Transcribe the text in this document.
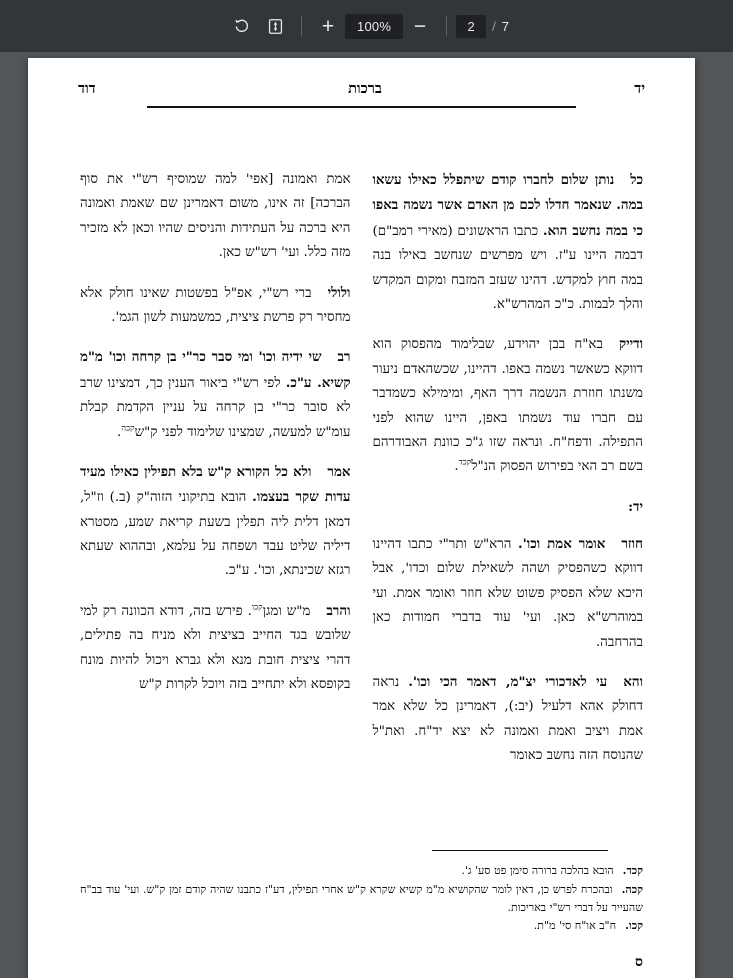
+	100%	−	2	/ 7
יד
ברכות
דוד

כלנותן שלום לחברו קודם שיתפלל כאילו עשאו במה. שנאמר חדלו לכם מן האדם אשר נשמה באפו כי במה נחשב הוא. כתבו הראשונים (מאירי רמב"ם) דבמה היינו ע"ז. ויש מפרשים שנחשב באילו בנה במה חוץ למקדש. דהינו שעזב המזבח ומקום המקדש והלך לבמות. כ"כ המהרש"א.

ודייקבא"ח בבן יהוידע, שבלימוד מהפסוק הוא דווקא כשאשר נשמה באפו. דהיינו, שכשהאדם ניעור משנתו חוזרת הנשמה דרך האף, ומימילא כשמדבר עם חברו עוד נשמתו באפן, היינו שהוא לפני התפילה. ודפח"ח. ונראה שזו ג"כ כוונת האבודרהם בשם רב האי בפירוש הפסוק הנ"ל$^{קכד}$.

יד:

חוזראומר אמת וכו'. הרא"ש ותר"י כתבו דהיינו דווקא כשהפסיק ושהה לשאילת שלום וכדו', אבל היכא שלא הפסיק פשוט שלא חוזר ואומר אמת. ועי במוהרש"א כאן. ועי' עוד בדברי חמודות כאן בהרחבה.

והאעי לאדכורי יצ"מ, דאמר הכי וכו'. נראה דחולק אהא דלעיל (יב:), דאמרינן כל שלא אמר אמת ויציב ואמת ואמונה לא יצא יד"ח. ואת"ל שהנוסח הזה נחשב כאומר

אמת ואמונה [אפי' למה שמוסיף רש"י את סוף הברכה] זה אינו, משום דאמרינן שם שאמת ואמונה היא ברכה על העתידות והניסים שהיו וכאן לא מזכיר מזה כלל. ועי' רש"ש כאן.

ולוליברי רש"י, אפ"ל בפשטות שאינו חולק אלא מחסיר רק פרשת ציצית, כמשמעות לשון הגמ'.

רבשי ידיה וכו' ומי סבר כר"י בן קרחה וכו' מ"מ קשיא. ע"כ. לפי רש"י ביאור הענין כך, דמצינו שרב לא סובר כר"י בן קרחה על עניין הקדמת קבלת עומ"ש למעשה, שמצינו שלימוד לפני ק"ש$^{קכה}$.

אמרולא כל הקורא ק"ש בלא תפילין כאילו מעיד עדות שקר בעצמו. הובא בתיקוני הזוה"ק (ב.) וז"ל, דמאן דלית ליה תפלין בשעת קריאת שמע, מסטרא דיליה שליט עבד ושפחה על עלמא, ובההוא שעתא רגזא שכינתא, וכו'. ע"כ.

והרבמ"ש ומגן$^{קכו}$. פירש בזה, דודא הכוונה רק למי שלובש בגד החייב בציצית ולא מניח בה פתילים, דהרי ציצית חובת מנא ולא גברא ויכול להיות מונח בקופסא ולא יתחייב בזה ויוכל לקרות ק"ש

קכד.הובא בהלכה ברורה סימן פט סע' ג'.
קכה.ובהכרח לפרש כן, דאין לומר שהקושיא מ"מ קשיא שקרא ק"ש אחרי תפילין, דע"ז כתבנו שהיה קודם זמן ק"ש. ועי' עוד בב"ח שהעייר על דברי רש"י באריכות.
קכו.ח"ב או"ח סי' מ"ת.
ס
